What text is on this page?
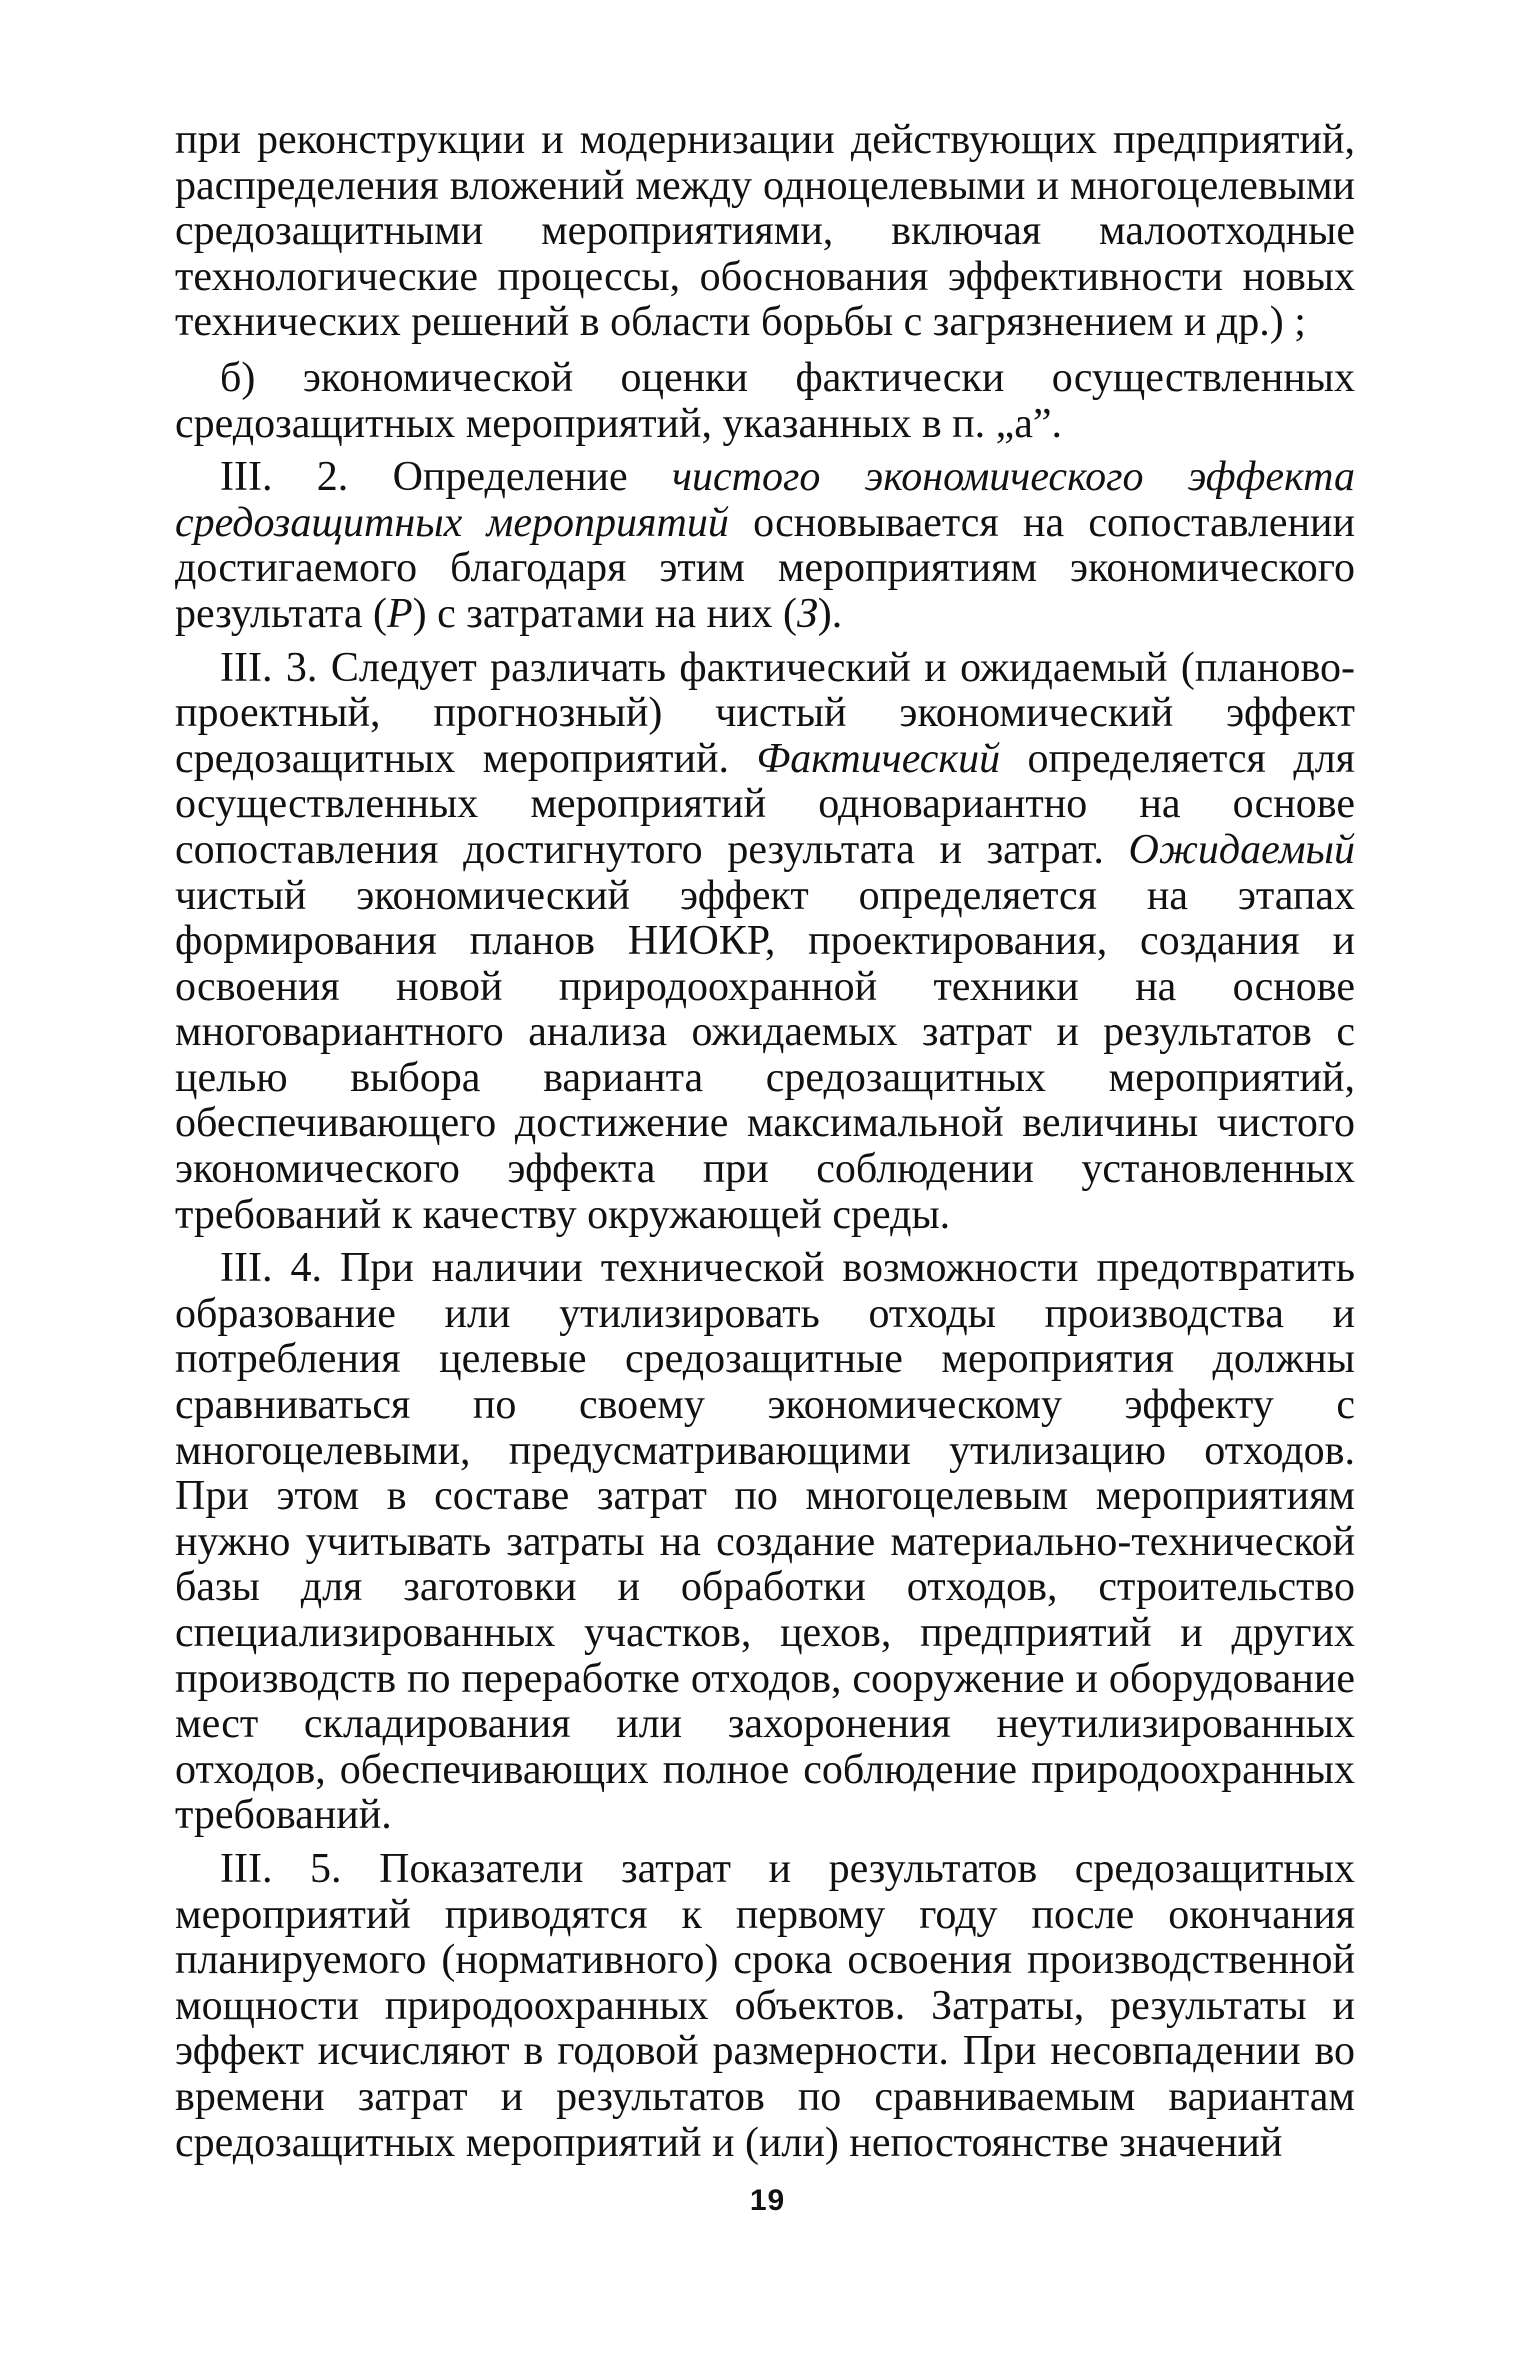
при реконструкции и модернизации действующих предприятий, распределения вложений между одноцелевыми и многоцелевыми средозащитными мероприятиями, включая малоотходные технологические процессы, обоснования эффективности новых технических решений в области борьбы с загрязнением и др.) ;

б) экономической оценки фактически осуществленных средозащитных мероприятий, указанных в п. „а”.

III. 2. Определение чистого экономического эффекта средозащитных мероприятий основывается на сопоставлении достигаемого благодаря этим мероприятиям экономического результата (Р) с затратами на них (З).

III. 3. Следует различать фактический и ожидаемый (планово-проектный, прогнозный) чистый экономический эффект средозащитных мероприятий. Фактический определяется для осуществленных мероприятий одновариантно на основе сопоставления достигнутого результата и затрат. Ожидаемый чистый экономический эффект определяется на этапах формирования планов НИОКР, проектирования, создания и освоения новой природоохранной техники на основе многовариантного анализа ожидаемых затрат и результатов с целью выбора варианта средозащитных мероприятий, обеспечивающего достижение максимальной величины чистого экономического эффекта при соблюдении установленных требований к качеству окружающей среды.

III. 4. При наличии технической возможности предотвратить образование или утилизировать отходы производства и потребления целевые средозащитные мероприятия должны сравниваться по своему экономическому эффекту с многоцелевыми, предусматривающими утилизацию отходов. При этом в составе затрат по многоцелевым мероприятиям нужно учитывать затраты на создание материально-технической базы для заготовки и обработки отходов, строительство специализированных участков, цехов, предприятий и других производств по переработке отходов, сооружение и оборудование мест складирования или захоронения неутилизированных отходов, обеспечивающих полное соблюдение природоохранных требований.

III. 5. Показатели затрат и результатов средозащитных мероприятий приводятся к первому году после окончания планируемого (нормативного) срока освоения производственной мощности природоохранных объектов. Затраты, результаты и эффект исчисляют в годовой размерности. При несовпадении во времени затрат и результатов по сравниваемым вариантам средозащитных мероприятий и (или) непостоянстве значений

19
